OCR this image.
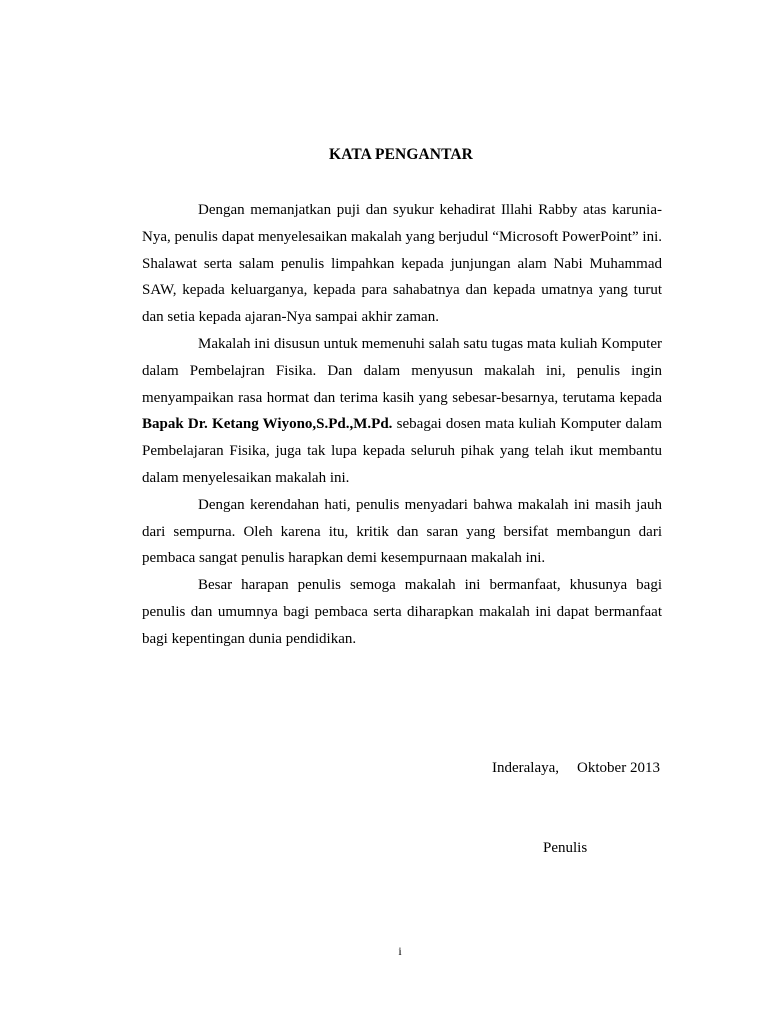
KATA PENGANTAR

Dengan memanjatkan puji dan syukur kehadirat Illahi Rabby atas karunia-Nya, penulis dapat menyelesaikan makalah yang berjudul “Microsoft PowerPoint” ini. Shalawat serta salam penulis limpahkan kepada junjungan alam Nabi Muhammad SAW, kepada keluarganya, kepada para sahabatnya dan kepada umatnya yang turut dan setia kepada ajaran-Nya sampai akhir zaman.

Makalah ini disusun untuk memenuhi salah satu tugas mata kuliah Komputer dalam Pembelajran Fisika. Dan dalam menyusun makalah ini, penulis ingin menyampaikan rasa hormat dan terima kasih yang sebesar-besarnya, terutama kepada Bapak Dr. Ketang Wiyono,S.Pd.,M.Pd. sebagai dosen mata kuliah Komputer dalam Pembelajaran Fisika, juga tak lupa kepada seluruh pihak yang telah ikut membantu dalam menyelesaikan makalah ini.

Dengan kerendahan hati, penulis menyadari bahwa makalah ini masih jauh dari sempurna. Oleh karena itu, kritik dan saran yang bersifat membangun dari pembaca sangat penulis harapkan demi kesempurnaan makalah ini.

Besar harapan penulis semoga makalah ini bermanfaat, khusunya bagi penulis dan umumnya bagi pembaca serta diharapkan makalah ini dapat bermanfaat bagi kepentingan dunia pendidikan.

Inderalaya, Oktober 2013
Penulis
i
